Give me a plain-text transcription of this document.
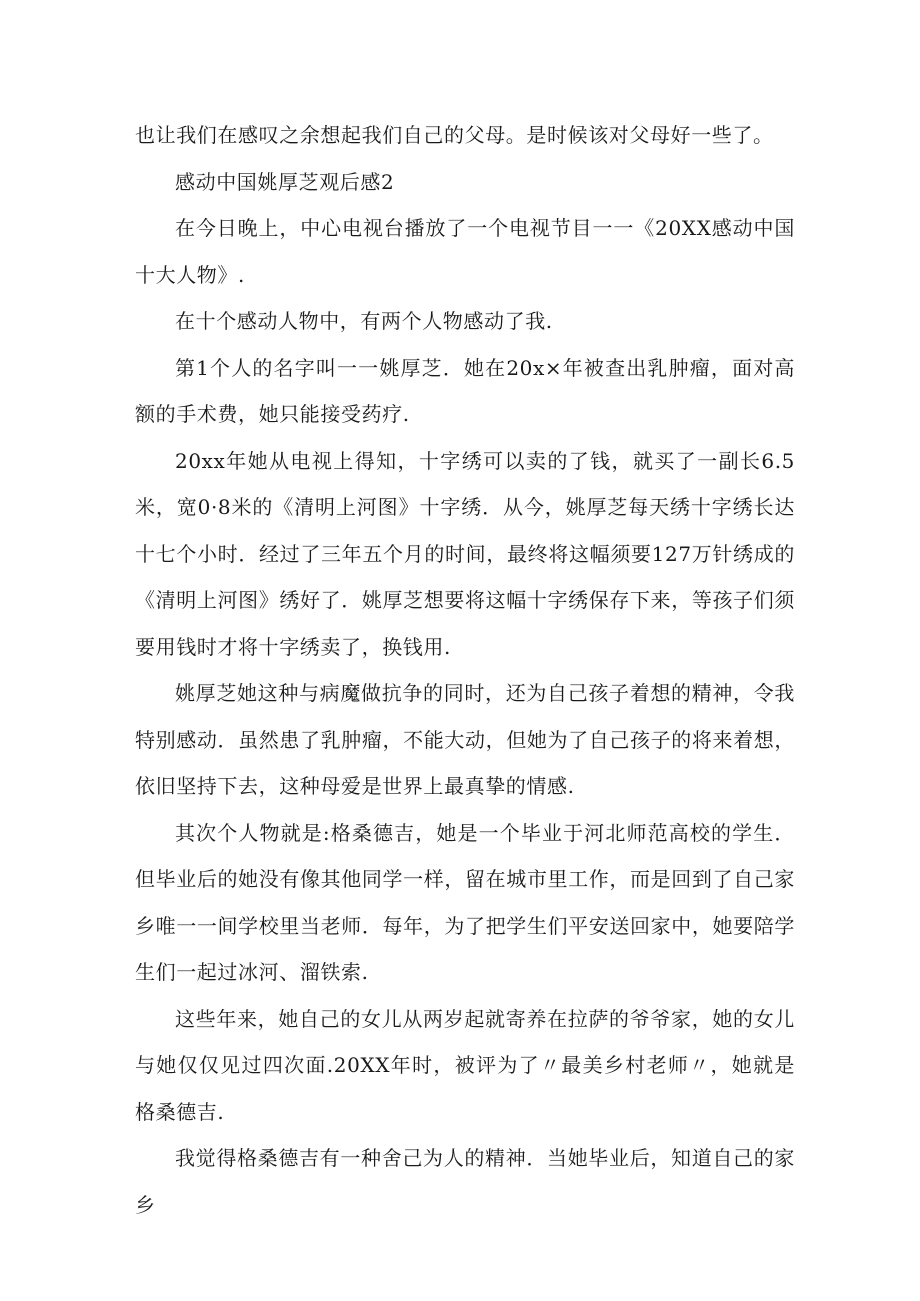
也让我们在感叹之余想起我们自己的父母。是时候该对父母好一些了。

感动中国姚厚芝观后感2

在今日晚上，中心电视台播放了一个电视节目一一《20XX感动中国十大人物》.

在十个感动人物中，有两个人物感动了我.

第1个人的名字叫一一姚厚芝．她在20x×年被查出乳肿瘤，面对高额的手术费，她只能接受药疗.

20xx年她从电视上得知，十字绣可以卖的了钱，就买了一副长6.5米，宽0·8米的《清明上河图》十字绣．从今，姚厚芝每天绣十字绣长达十七个小时．经过了三年五个月的时间，最终将这幅须要127万针绣成的《清明上河图》绣好了．姚厚芝想要将这幅十字绣保存下来，等孩子们须要用钱时才将十字绣卖了，换钱用.

姚厚芝她这种与病魔做抗争的同时，还为自己孩子着想的精神，令我特别感动．虽然患了乳肿瘤，不能大动，但她为了自己孩子的将来着想，依旧坚持下去，这种母爱是世界上最真挚的情感.

其次个人物就是:格桑德吉，她是一个毕业于河北师范高校的学生．但毕业后的她没有像其他同学一样，留在城市里工作，而是回到了自己家乡唯一一间学校里当老师．每年，为了把学生们平安送回家中，她要陪学生们一起过冰河、溜铁索.

这些年来，她自己的女儿从两岁起就寄养在拉萨的爷爷家，她的女儿与她仅仅见过四次面.20XX年时，被评为了〃最美乡村老师〃，她就是格桑德吉.

我觉得格桑德吉有一种舍己为人的精神．当她毕业后，知道自己的家乡
